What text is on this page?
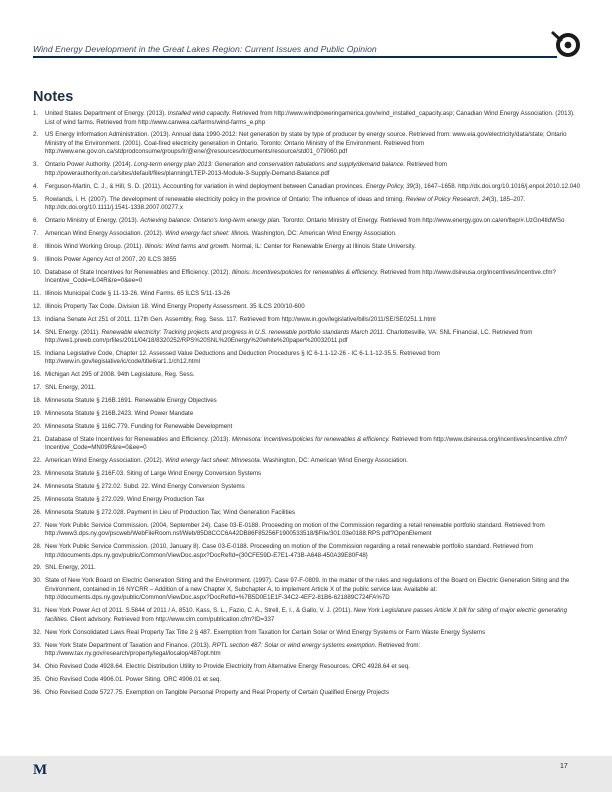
Wind Energy Development in the Great Lakes Region: Current Issues and Public Opinion
Notes
1.	United States Department of Energy. (2013). Installed wind capacity. Retrieved from http://www.windpoweringamerica.gov/wind_installed_capacity.asp; Canadian Wind Energy Association. (2013). List of wind farms. Retrieved from http://www.canwea.ca/farms/wind-farms_e.php
2.	US Energy Information Administration. (2013). Annual data 1990-2012: Net generation by state by type of producer by energy source. Retrieved from: www.eia.gov/electricity/data/state; Ontario Ministry of the Environment. (2001). Coal-fired electricity generation in Ontario. Toronto: Ontario Ministry of the Environment. Retrieved from http://www.ene.gov.on.ca/stdprodconsume/groups/lr/@ene/@resources/documents/resource/std01_079060.pdf
3.	Ontario Power Authority. (2014). Long-term energy plan 2013: Generation and conservation tabulations and supply/demand balance. Retrieved from http://powerauthority.on.ca/sites/default/files/planning/LTEP-2013-Module-3-Supply-Demand-Balance.pdf
4.	Ferguson-Martin, C. J., & Hill, S. D. (2011). Accounting for variation in wind deployment between Canadian provinces. Energy Policy, 39(3), 1647–1658. http://dx.doi.org/10.1016/j.enpol.2010.12.040
5.	Rowlands, I. H. (2007). The development of renewable electricity policy in the province of Ontario: The influence of ideas and timing. Review of Policy Research, 24(3), 185–207. http://dx.doi.org/10.1111/j.1541-1338.2007.00277.x
6.	Ontario Ministry of Energy. (2013). Achieving balance: Ontario's long-term energy plan. Toronto: Ontario Ministry of Energy. Retrieved from http://www.energy.gov.on.ca/en/ltep/#.UzGn4tldWSo
7.	American Wind Energy Association. (2012). Wind energy fact sheet: Illinois. Washington, DC: American Wind Energy Association.
8.	Illinois Wind Working Group. (2011). Illinois: Wind farms and growth. Normal, IL: Center for Renewable Energy at Illinois State University.
9.	Illinois Power Agency Act of 2007, 20 ILCS 3855
10. Database of State Incentives for Renewables and Efficiency. (2012). Illinois: Incentives/policies for renewables & efficiency. Retrieved from http://www.dsireusa.org/incentives/incentive.cfm?Incentive_Code=IL04R&re=0&ee=0
11. Illinois Municipal Code § 11-13-26. Wind Farms. 65 ILCS 5/11-13-26
12. Illinois Property Tax Code. Division 18. Wind Energy Property Assessment. 35 ILCS 200/10-600
13. Indiana Senate Act 251 of 2011. 117th Gen. Assembly, Reg. Sess. 117. Retrieved from http://www.in.gov/legislative/bills/2011/SE/SE0251.1.html
14. SNL Energy. (2011). Renewable electricity: Tracking projects and progress in U.S. renewable portfolio standards March 2011. Charlottesville, VA: SNL Financial, LC. Retrieved from http://ww1.prweb.com/prfiles/2011/04/18/8320252/RPS%20SNL%20Energy%20white%20paper%20032011.pdf
15. Indiana Legislative Code, Chapter 12. Assessed Value Deductions and Deduction Procedures § IC 6-1.1-12-26 - IC 6-1.1-12-35.5. Retrieved from http://www.in.gov/legislative/ic/code/title6/ar1.1/ch12.html
16. Michigan Act 295 of 2008. 94th Legislature, Reg. Sess.
17. SNL Energy, 2011.
18. Minnesota Statute § 216B.1691. Renewable Energy Objectives
19. Minnesota Statute § 216B.2423. Wind Power Mandate
20. Minnesota Statute § 116C.779. Funding for Renewable Development
21. Database of State Incentives for Renewables and Efficiency. (2013). Minnesota: Incentives/policies for renewables & efficiency. Retrieved from http://www.dsireusa.org/incentives/incentive.cfm?Incentive_Code=MN09R&re=0&ee=0
22. American Wind Energy Association. (2012). Wind energy fact sheet: Minnesota. Washington, DC: American Wind Energy Association.
23. Minnesota Statute § 216F.03. Siting of Large Wind Energy Conversion Systems
24. Minnesota Statute § 272.02. Subd. 22. Wind Energy Conversion Systems
25. Minnesota Statute § 272.029. Wind Energy Production Tax
26. Minnesota Statute § 272.028. Payment in Lieu of Production Tax; Wind Generation Facilities
27. New York Public Service Commission. (2004, September 24). Case 03-E-0188. Proceeding on motion of the Commission regarding a retail renewable portfolio standard. Retrieved from http://www3.dps.ny.gov/pscweb/WebFileRoom.nsf/Web/85D8CCC6A42DB86F85256F1900533518/$File/301.03e0188.RPS.pdf?OpenElement
28. New York Public Service Commission. (2010, January 8). Case 03-E-0188. Proceeding on motion of the Commission regarding a retail renewable portfolio standard. Retrieved from http://documents.dps.ny.gov/public/Common/ViewDoc.aspx?DocRefId={30CFE59D-E7E1-473B-A648-450A39E80F48}
29. SNL Energy, 2011.
30. State of New York Board on Electric Generation Siting and the Environment. (1997). Case 97-F-0809. In the matter of the rules and regulations of the Board on Electric Generation Siting and the Environment, contained in 16 NYCRR – Addition of a new Chapter X, Subchapter A, to implement Article X of the public service law. Available at: http://documents.dps.ny.gov/public/Common/ViewDoc.aspx?DocRefId=%7B5D0E1E1F-34C2-4EF2-81B6-621889C724FA%7D
31. New York Power Act of 2011. S.5844 of 2011 / A. 8510. Kass, S. L., Fazio, C. A., Strell, E. I., & Gallo, V. J. (2011). New York Legislature passes Article X bill for siting of major electric generating facilities. Client advisory. Retrieved from http://www.clm.com/publication.cfm?ID=337
32. New York Consolidated Laws Real Property Tax Title 2 § 487. Exemption from Taxation for Certain Solar or Wind Energy Systems or Farm Waste Energy Systems
33. New York State Department of Taxation and Finance. (2013). RPTL section 487: Solar or wind energy systems exemption. Retrieved from: http://www.tax.ny.gov/research/property/legal/localop/487opt.htm
34. Ohio Revised Code 4928.64. Electric Distribution Utility to Provide Electricity from Alternative Energy Resources. ORC 4928.64 et seq.
35. Ohio Revised Code 4906.01. Power Siting. ORC 4906.01 et seq.
36. Ohio Revised Code 5727.75. Exemption on Tangible Personal Property and Real Property of Certain Qualified Energy Projects
M	17
